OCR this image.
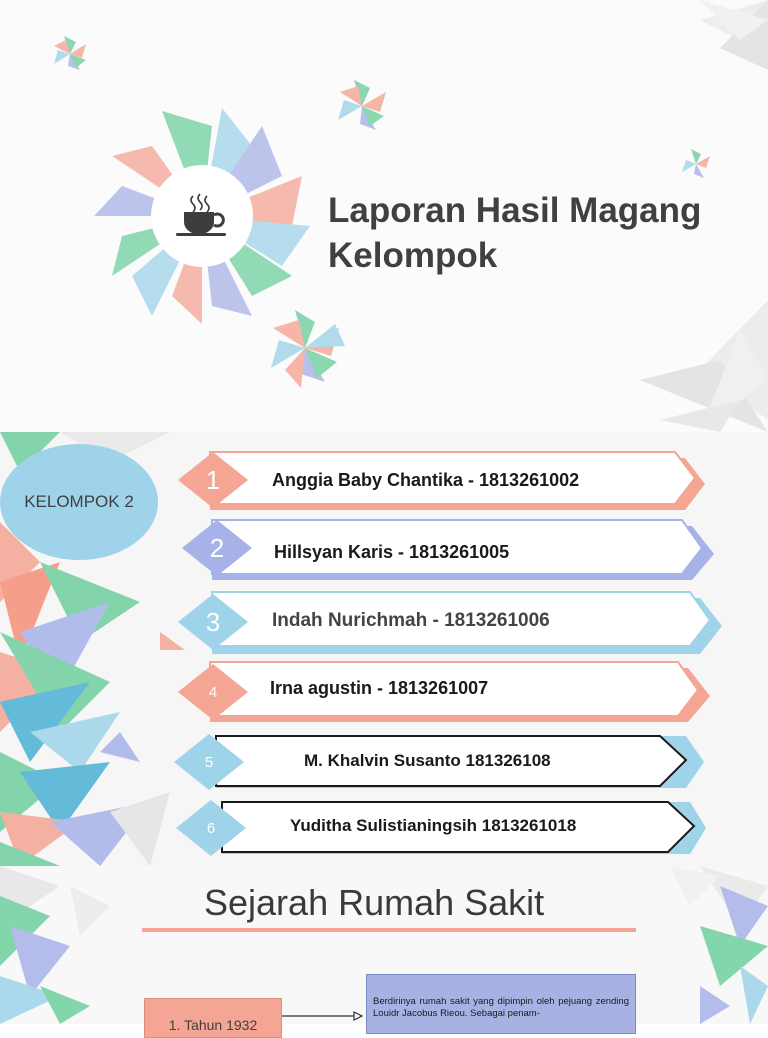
Laporan Hasil Magang
Kelompok
KELOMPOK 2
1	Anggia Baby Chantika - 1813261002
2	Hillsyan Karis - 1813261005
3	Indah Nurichmah - 1813261006
4	Irna agustin - 1813261007
5	M. Khalvin Susanto 181326108
6	Yuditha Sulistianingsih 1813261018
Sejarah Rumah Sakit
1. Tahun 1932
Berdirinya rumah sakit yang dipimpin oleh pejuang zending Louidr Jacobus Rieou. Sebagai penam-
